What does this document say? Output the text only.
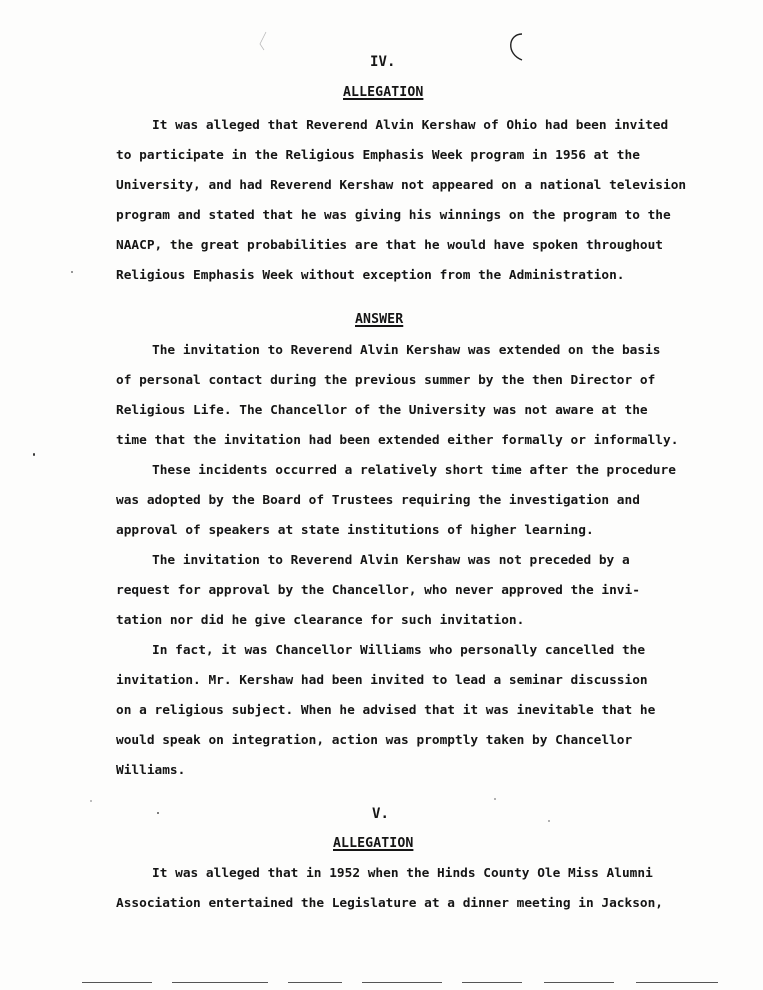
IV.
ALLEGATION
It was alleged that Reverend Alvin Kershaw of Ohio had been invited
to participate in the Religious Emphasis Week program in 1956 at the
University, and had Reverend Kershaw not appeared on a national television
program and stated that he was giving his winnings on the program to the
NAACP, the great probabilities are that he would have spoken throughout
Religious Emphasis Week without exception from the Administration.
ANSWER
The invitation to Reverend Alvin Kershaw was extended on the basis
of personal contact during the previous summer by the then Director of
Religious Life. The Chancellor of the University was not aware at the
time that the invitation had been extended either formally or informally.
These incidents occurred a relatively short time after the procedure
was adopted by the Board of Trustees requiring the investigation and
approval of speakers at state institutions of higher learning.
The invitation to Reverend Alvin Kershaw was not preceded by a
request for approval by the Chancellor, who never approved the invi-
tation nor did he give clearance for such invitation.
In fact, it was Chancellor Williams who personally cancelled the
invitation. Mr. Kershaw had been invited to lead a seminar discussion
on a religious subject. When he advised that it was inevitable that he
would speak on integration, action was promptly taken by Chancellor
Williams.
V.
ALLEGATION
It was alleged that in 1952 when the Hinds County Ole Miss Alumni
Association entertained the Legislature at a dinner meeting in Jackson,
